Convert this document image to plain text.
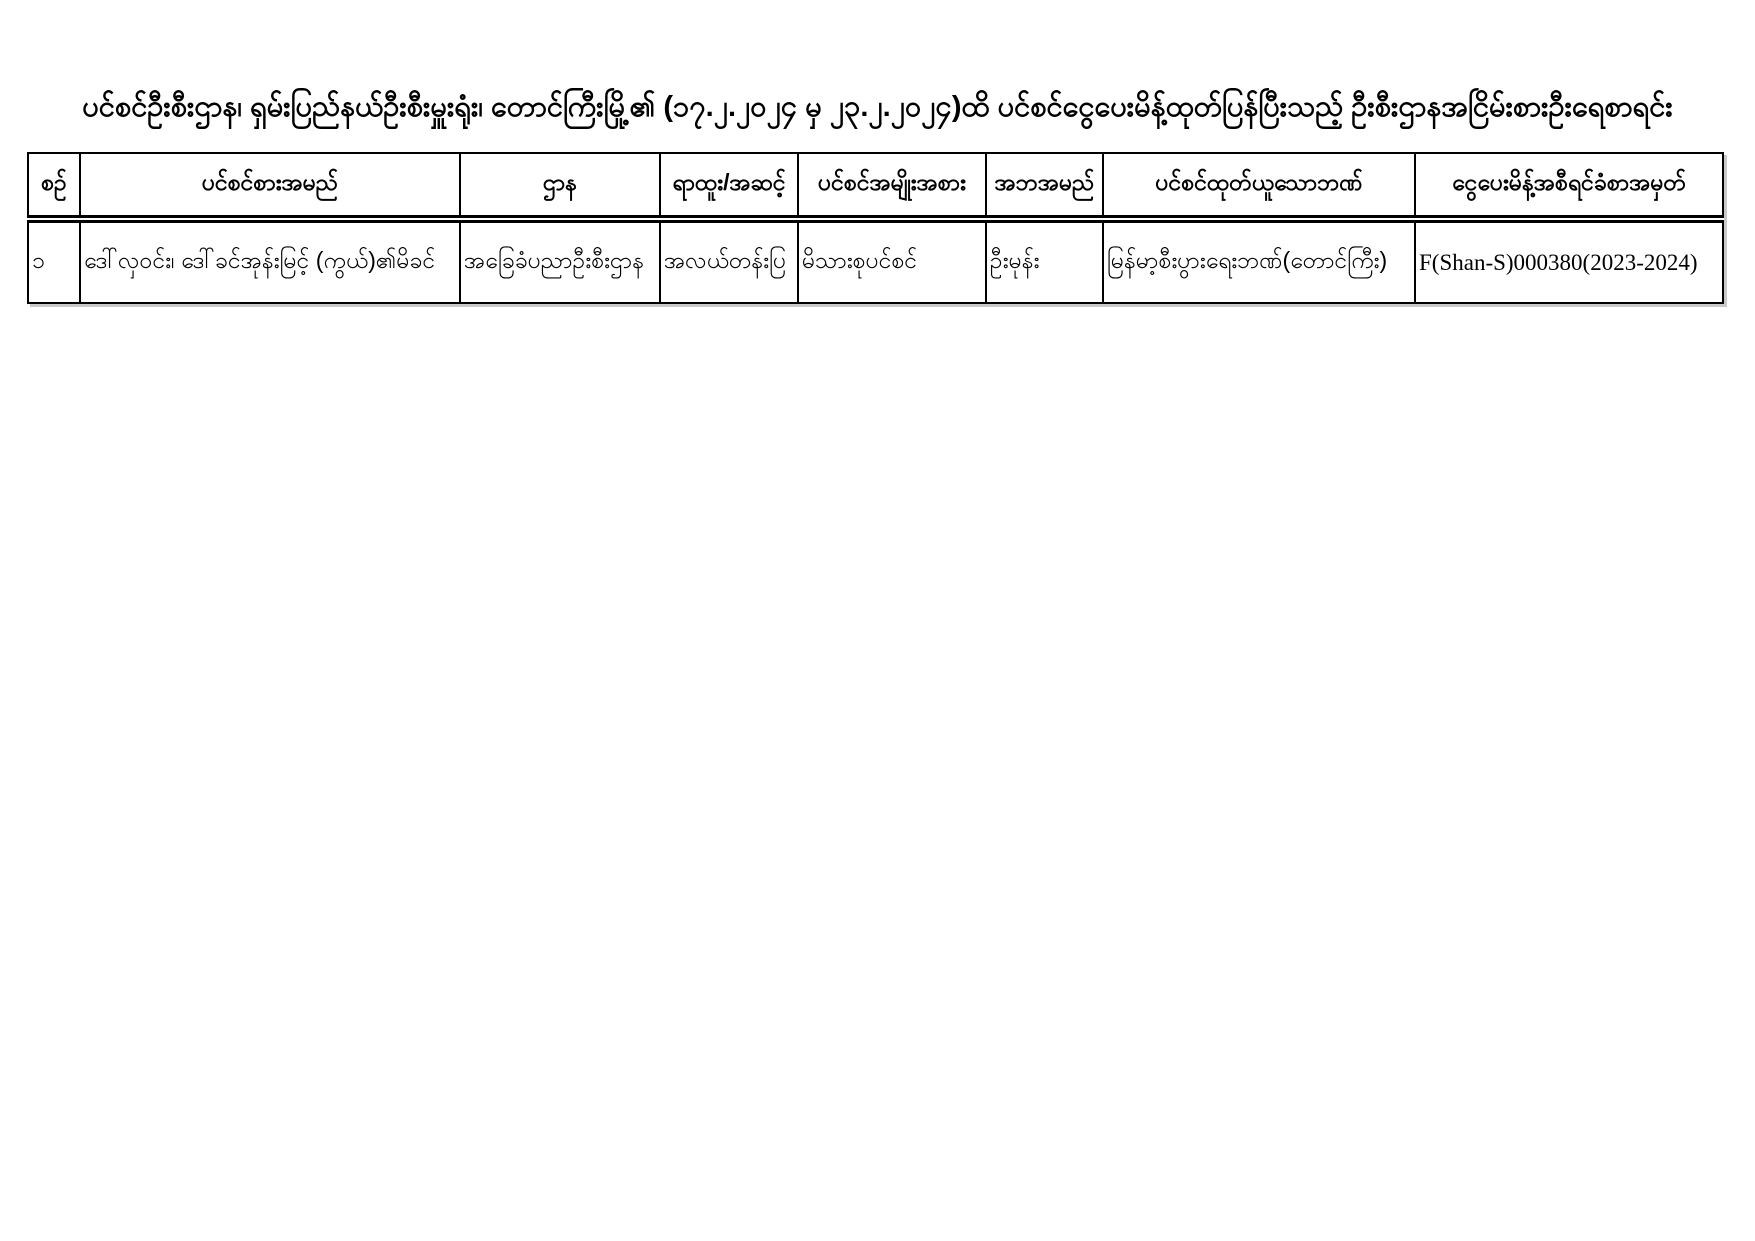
ပင်စင်ဦးစီးဌာန၊ ရှမ်းပြည်နယ်ဦးစီးမှူးရုံး၊ တောင်ကြီးမြို့၏ (၁၇.၂.၂၀၂၄ မှ ၂၃.၂.၂၀၂၄)ထိ ပင်စင်ငွေပေးမိန့်ထုတ်ပြန်ပြီးသည့် ဦးစီးဌာနအငြိမ်းစားဦးရေစာရင်း
စဉ်	ပင်စင်စားအမည်	ဌာန	ရာထူး/အဆင့်	ပင်စင်အမျိုးအစား	အဘအမည်	ပင်စင်ထုတ်ယူသောဘဏ်	ငွေပေးမိန့်အစီရင်ခံစာအမှတ်
၁	ဒေါ်လှဝင်း၊ ဒေါ်ခင်အုန်းမြင့် (ကွယ်)၏မိခင်	အခြေခံပညာဦးစီးဌာန	အလယ်တန်းပြ	မိသားစုပင်စင်	ဦးမုန်း	မြန်မာ့စီးပွားရေးဘဏ်(တောင်ကြီး)	F(Shan-S)000380(2023-2024)
